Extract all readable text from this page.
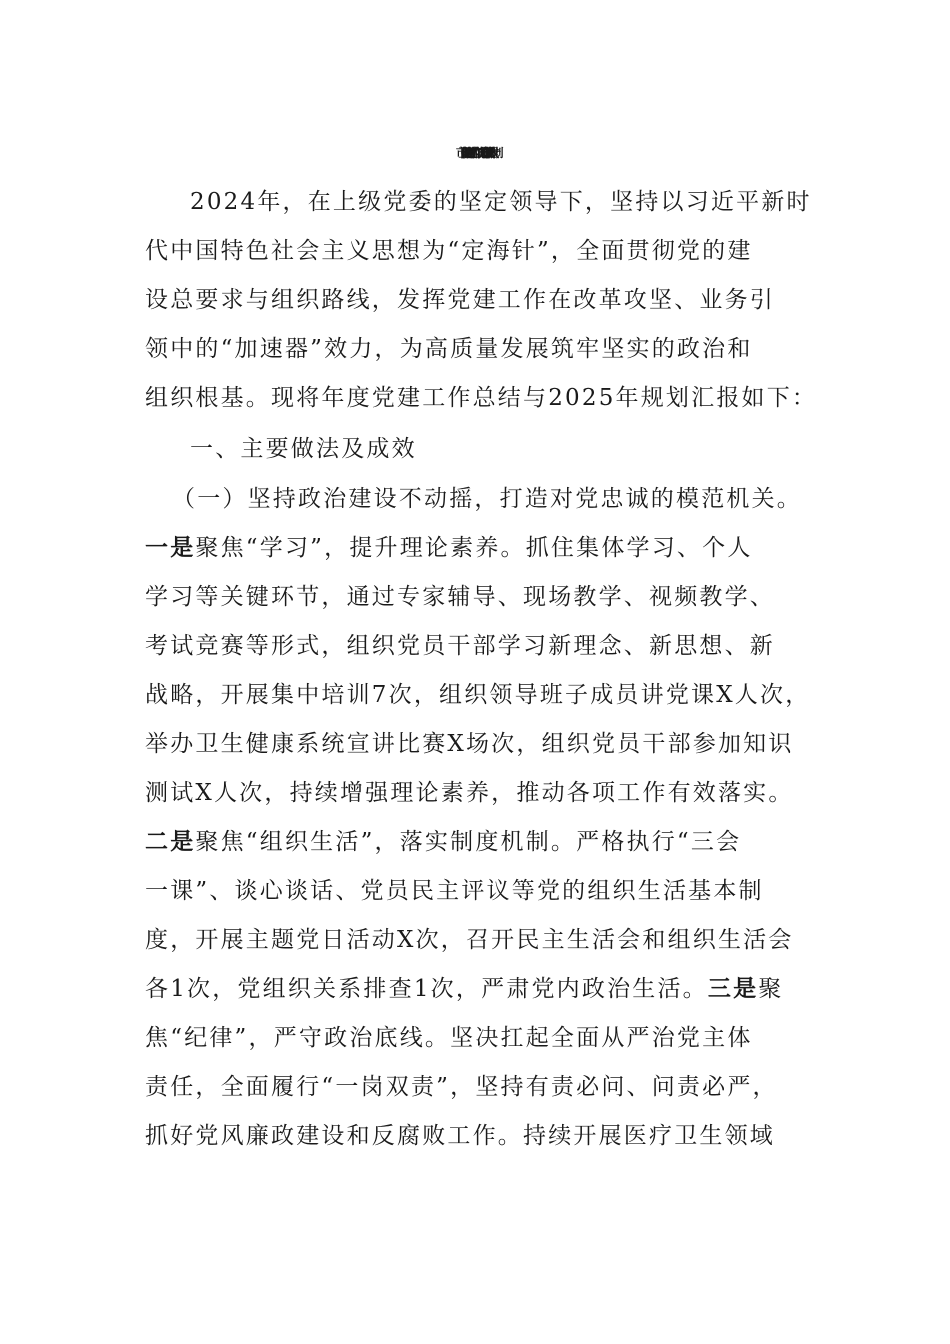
市卫健局2024年党建工作情况总结及2025年工作计划
2024年，在上级党委的坚定领导下，坚持以习近平新时
代中国特色社会主义思想为“定海针”，全面贯彻党的建
设总要求与组织路线，发挥党建工作在改革攻坚、业务引
领中的“加速器”效力，为高质量发展筑牢坚实的政治和
组织根基。现将年度党建工作总结与2025年规划汇报如下：
一、主要做法及成效
（一）坚持政治建设不动摇，打造对党忠诚的模范机关。
一是聚焦“学习”，提升理论素养。抓住集体学习、个人
学习等关键环节，通过专家辅导、现场教学、视频教学、
考试竞赛等形式，组织党员干部学习新理念、新思想、新
战略，开展集中培训7次，组织领导班子成员讲党课X人次，
举办卫生健康系统宣讲比赛X场次，组织党员干部参加知识
测试X人次，持续增强理论素养，推动各项工作有效落实。
二是聚焦“组织生活”，落实制度机制。严格执行“三会
一课”、谈心谈话、党员民主评议等党的组织生活基本制
度，开展主题党日活动X次，召开民主生活会和组织生活会
各1次，党组织关系排查1次，严肃党内政治生活。三是聚
焦“纪律”，严守政治底线。坚决扛起全面从严治党主体
责任，全面履行“一岗双责”，坚持有责必问、问责必严，
抓好党风廉政建设和反腐败工作。持续开展医疗卫生领域
